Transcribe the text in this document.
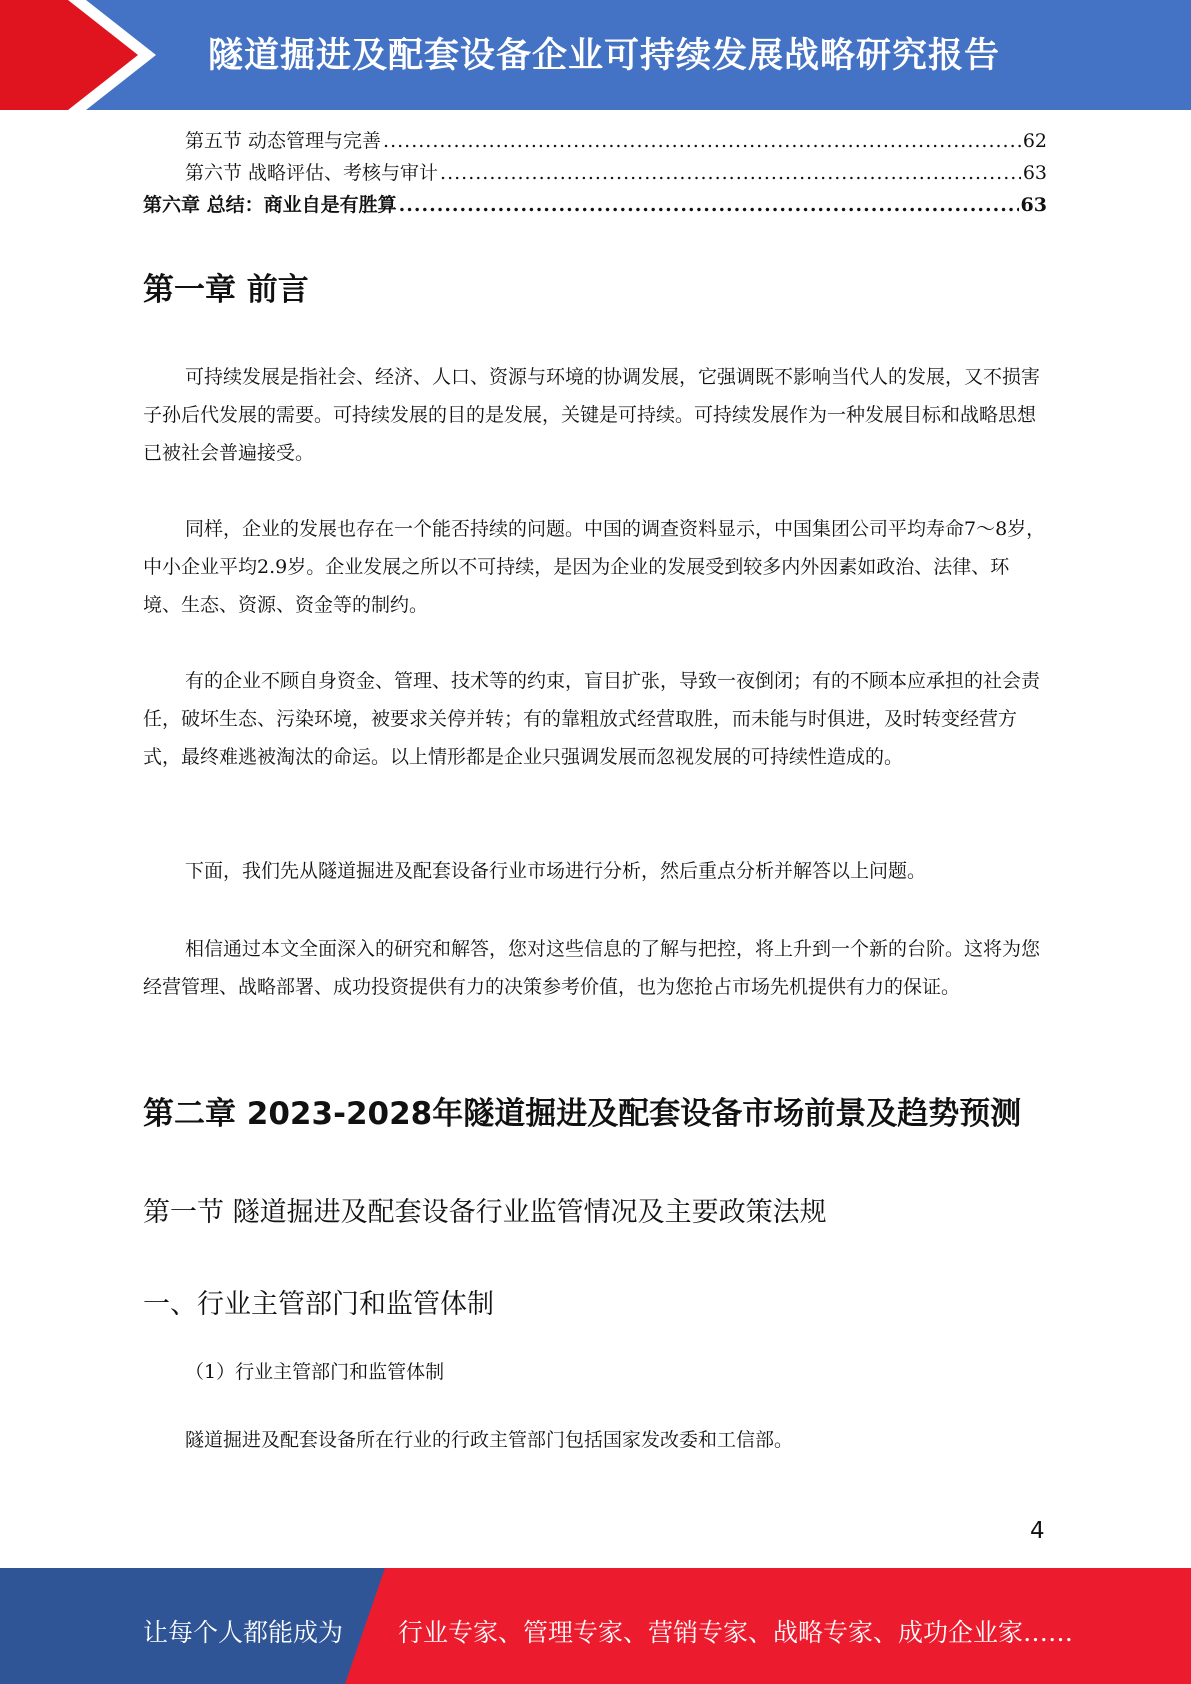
隧道掘进及配套设备企业可持续发展战略研究报告
第五节 动态管理与完善 .....	62
第六节 战略评估、考核与审计 .....	63
第六章 总结：商业自是有胜算 .....	63
第一章 前言

可持续发展是指社会、经济、人口、资源与环境的协调发展，它强调既不影响当代人的发展，又不损害子孙后代发展的需要。可持续发展的目的是发展，关键是可持续。可持续发展作为一种发展目标和战略思想已被社会普遍接受。

同样，企业的发展也存在一个能否持续的问题。中国的调查资料显示，中国集团公司平均寿命7～8岁，中小企业平均2.9岁。企业发展之所以不可持续，是因为企业的发展受到较多内外因素如政治、法律、环境、生态、资源、资金等的制约。

有的企业不顾自身资金、管理、技术等的约束，盲目扩张，导致一夜倒闭；有的不顾本应承担的社会责任，破坏生态、污染环境，被要求关停并转；有的靠粗放式经营取胜，而未能与时俱进，及时转变经营方式，最终难逃被淘汰的命运。以上情形都是企业只强调发展而忽视发展的可持续性造成的。

下面，我们先从隧道掘进及配套设备行业市场进行分析，然后重点分析并解答以上问题。

相信通过本文全面深入的研究和解答，您对这些信息的了解与把控，将上升到一个新的台阶。这将为您经营管理、战略部署、成功投资提供有力的决策参考价值，也为您抢占市场先机提供有力的保证。

第二章 2023-2028年隧道掘进及配套设备市场前景及趋势预测
第一节 隧道掘进及配套设备行业监管情况及主要政策法规
一、行业主管部门和监管体制

（1）行业主管部门和监管体制

隧道掘进及配套设备所在行业的行政主管部门包括国家发改委和工信部。

4
让每个人都能成为 行业专家、管理专家、营销专家、战略专家、成功企业家……
